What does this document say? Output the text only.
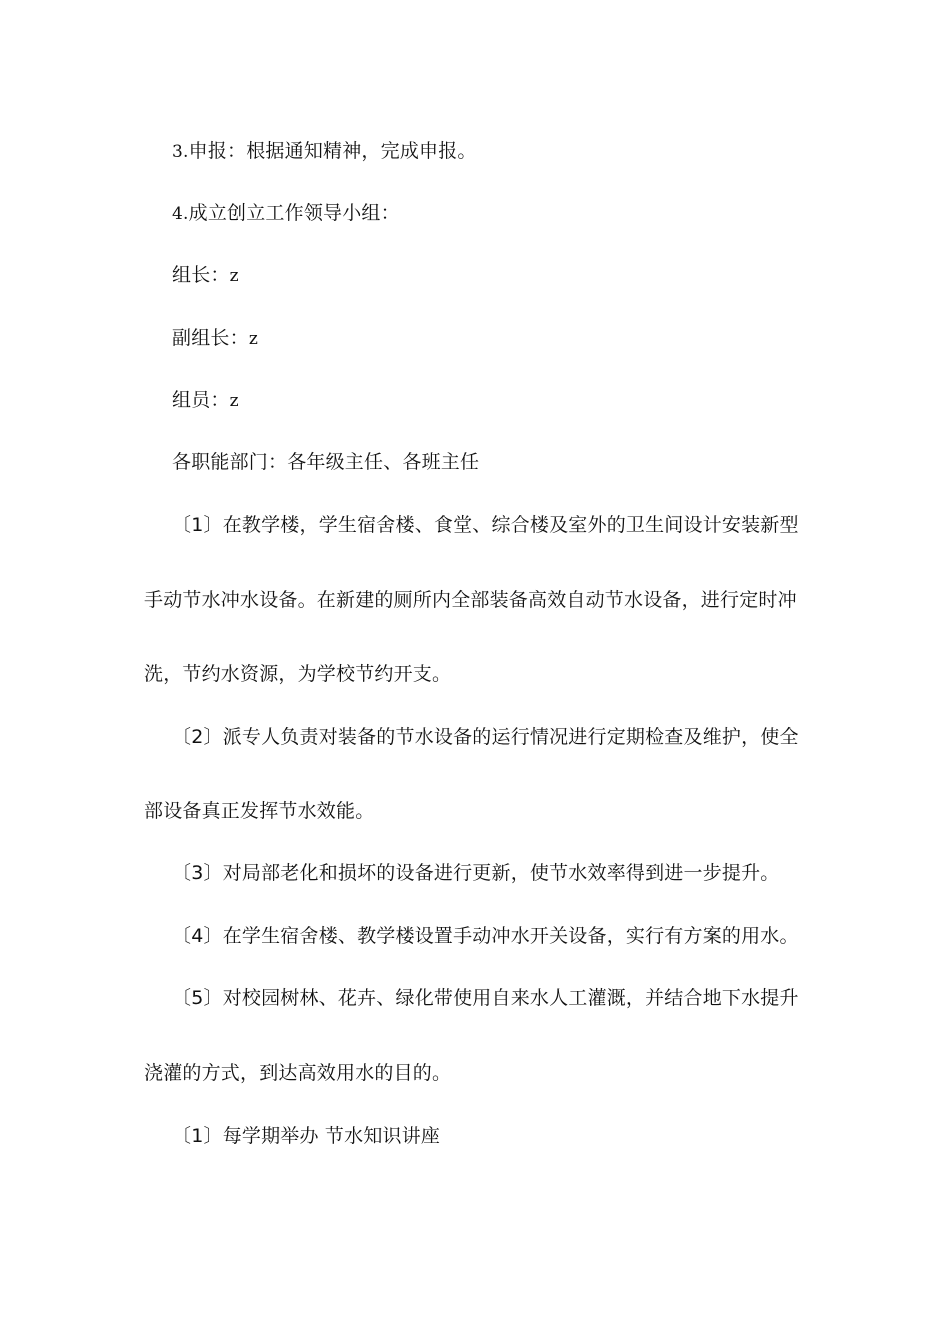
3.申报：根据通知精神，完成申报。
4.成立创立工作领导小组：
组长：z
副组长：z
组员：z
各职能部门：各年级主任、各班主任
〔1〕在教学楼，学生宿舍楼、食堂、综合楼及室外的卫生间设计安装新型
手动节水冲水设备。在新建的厕所内全部装备高效自动节水设备，进行定时冲
洗，节约水资源，为学校节约开支。
〔2〕派专人负责对装备的节水设备的运行情况进行定期检查及维护，使全
部设备真正发挥节水效能。
〔3〕对局部老化和损坏的设备进行更新，使节水效率得到进一步提升。
〔4〕在学生宿舍楼、教学楼设置手动冲水开关设备，实行有方案的用水。
〔5〕对校园树林、花卉、绿化带使用自来水人工灌溉，并结合地下水提升
浇灌的方式，到达高效用水的目的。
〔1〕每学期举办 节水知识讲座
